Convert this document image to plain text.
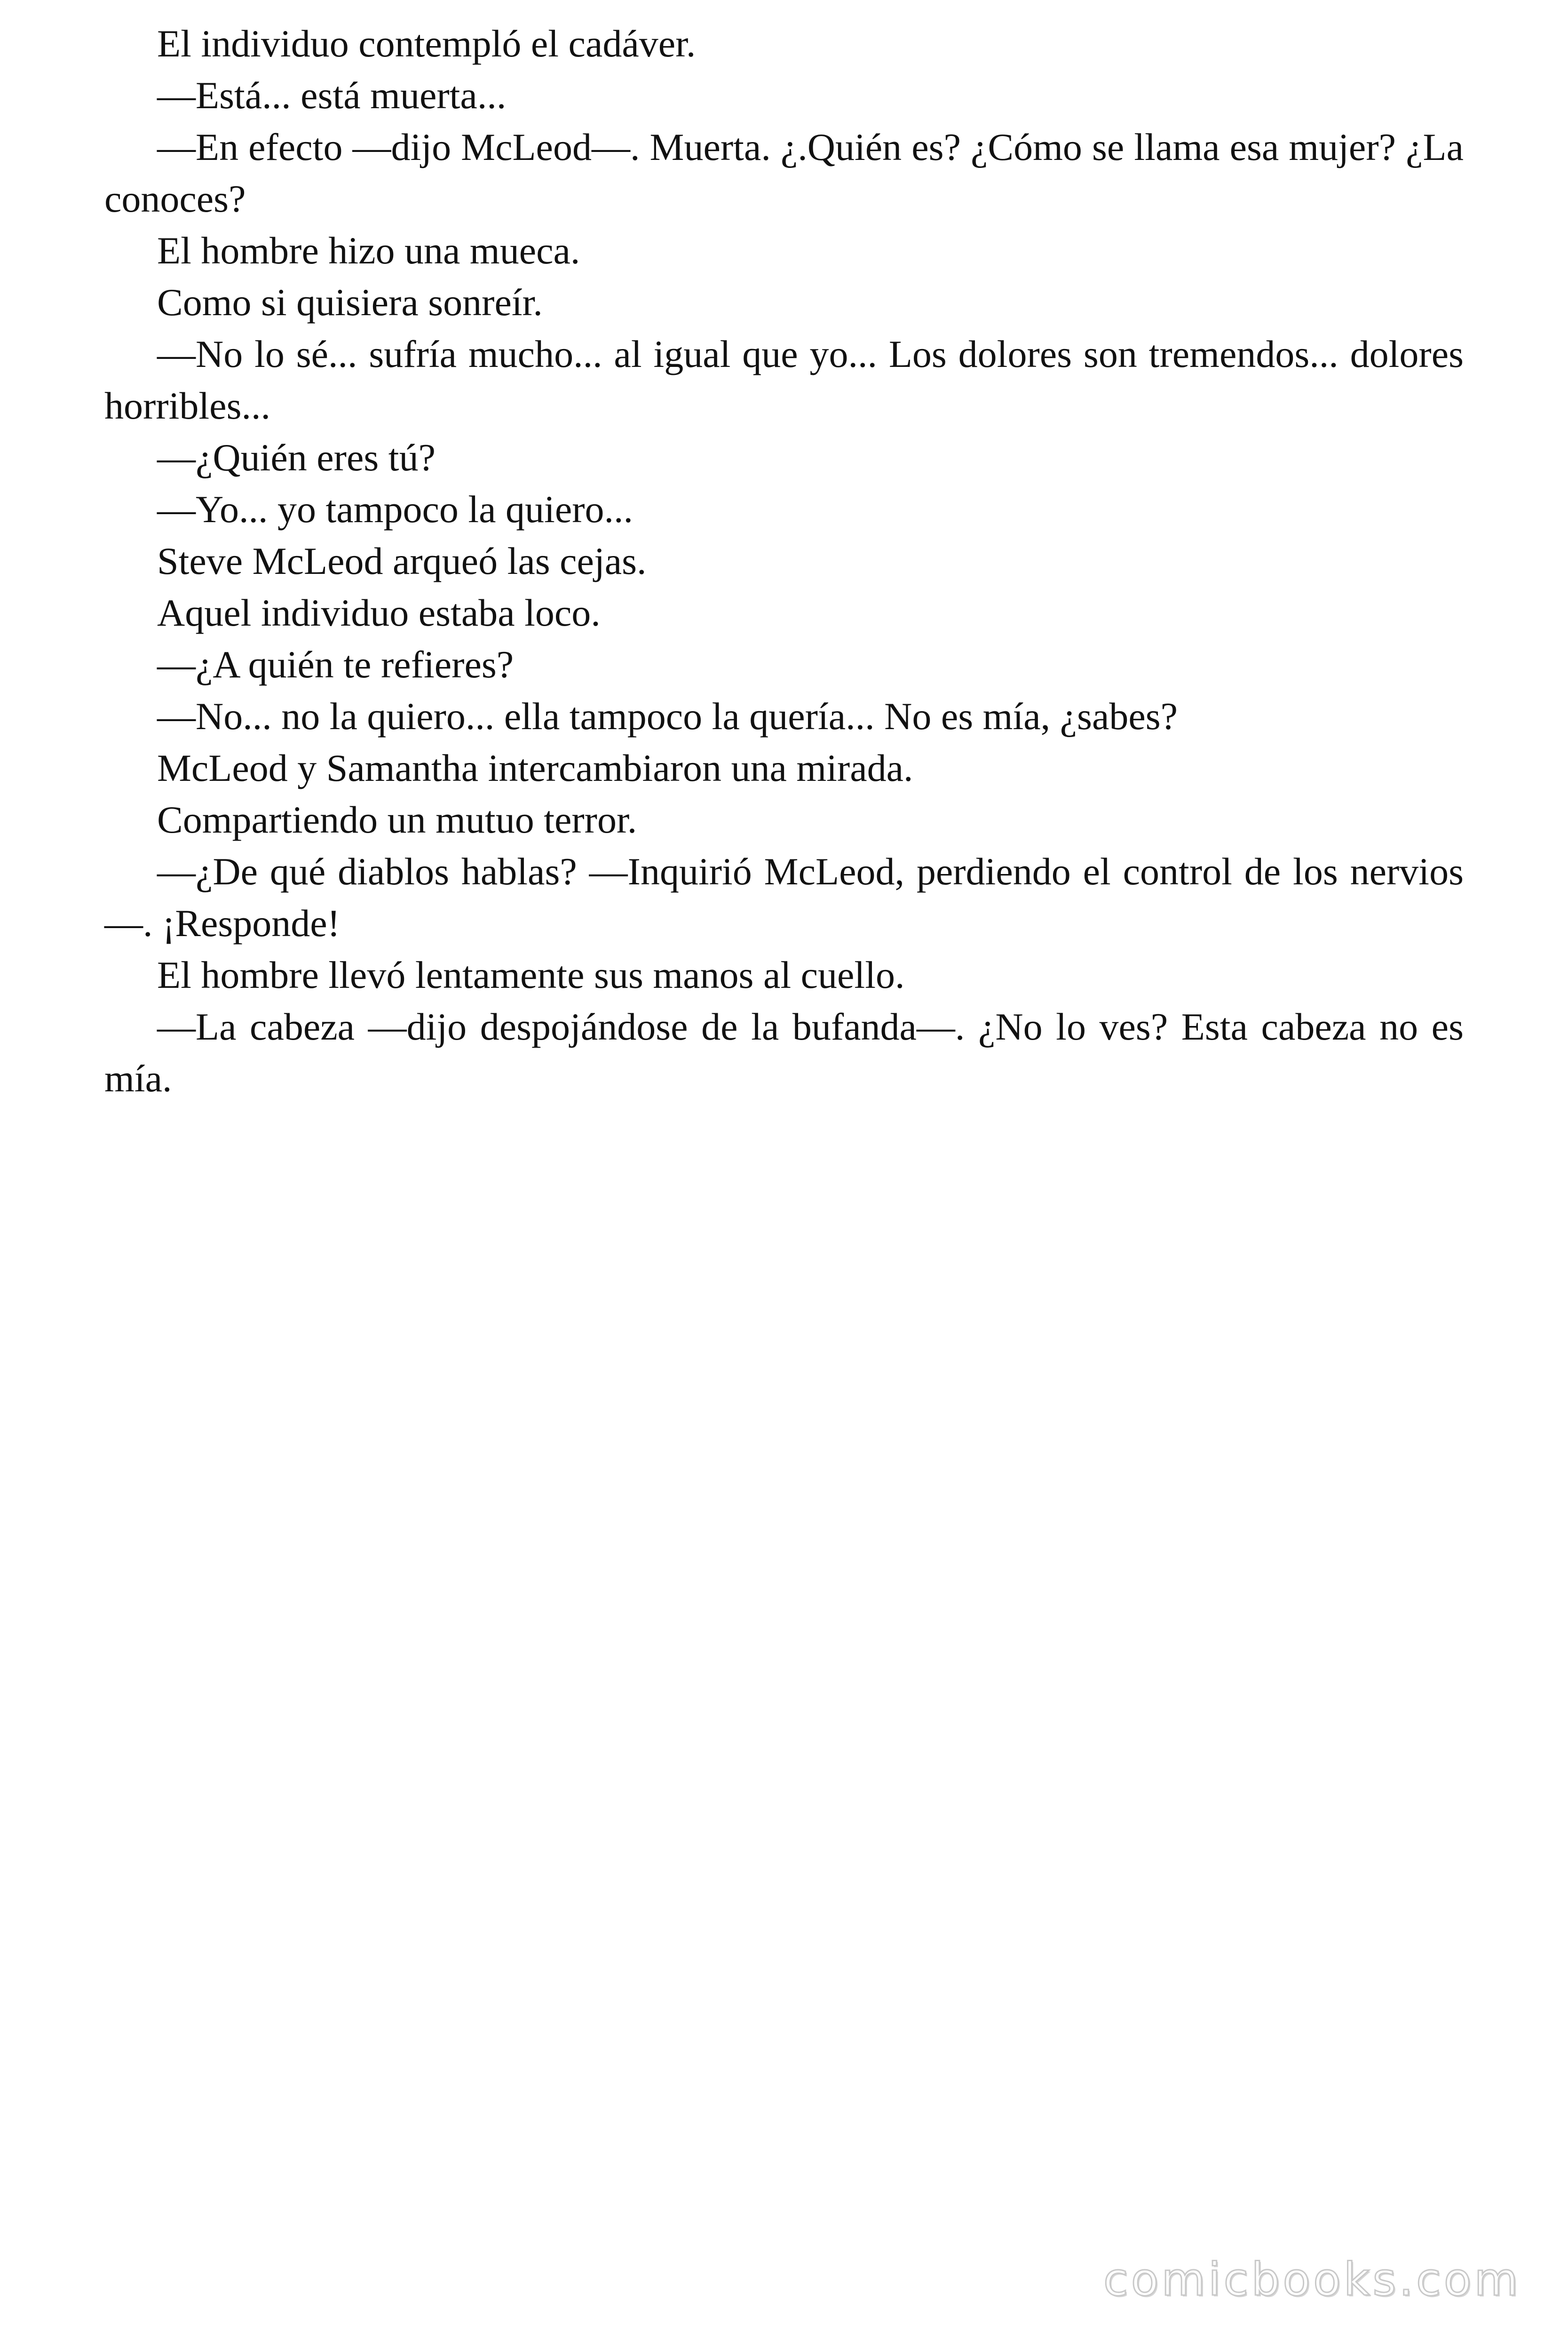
El individuo contempló el cadáver.

—Está... está muerta...

—En efecto —dijo McLeod—. Muerta. ¿.Quién es? ¿Cómo se llama esa mujer? ¿La conoces?

El hombre hizo una mueca.

Como si quisiera sonreír.

—No lo sé... sufría mucho... al igual que yo... Los dolores son tremendos... dolores horribles...

—¿Quién eres tú?

—Yo... yo tampoco la quiero...

Steve McLeod arqueó las cejas.

Aquel individuo estaba loco.

—¿A quién te refieres?

—No... no la quiero... ella tampoco la quería... No es mía, ¿sabes?

McLeod y Samantha intercambiaron una mirada.

Compartiendo un mutuo terror.

—¿De qué diablos hablas? —Inquirió McLeod, perdiendo el control de los nervios—. ¡Responde!

El hombre llevó lentamente sus manos al cuello.

—La cabeza —dijo despojándose de la bufanda—. ¿No lo ves? Esta cabeza no es mía.

comicbooks.com
